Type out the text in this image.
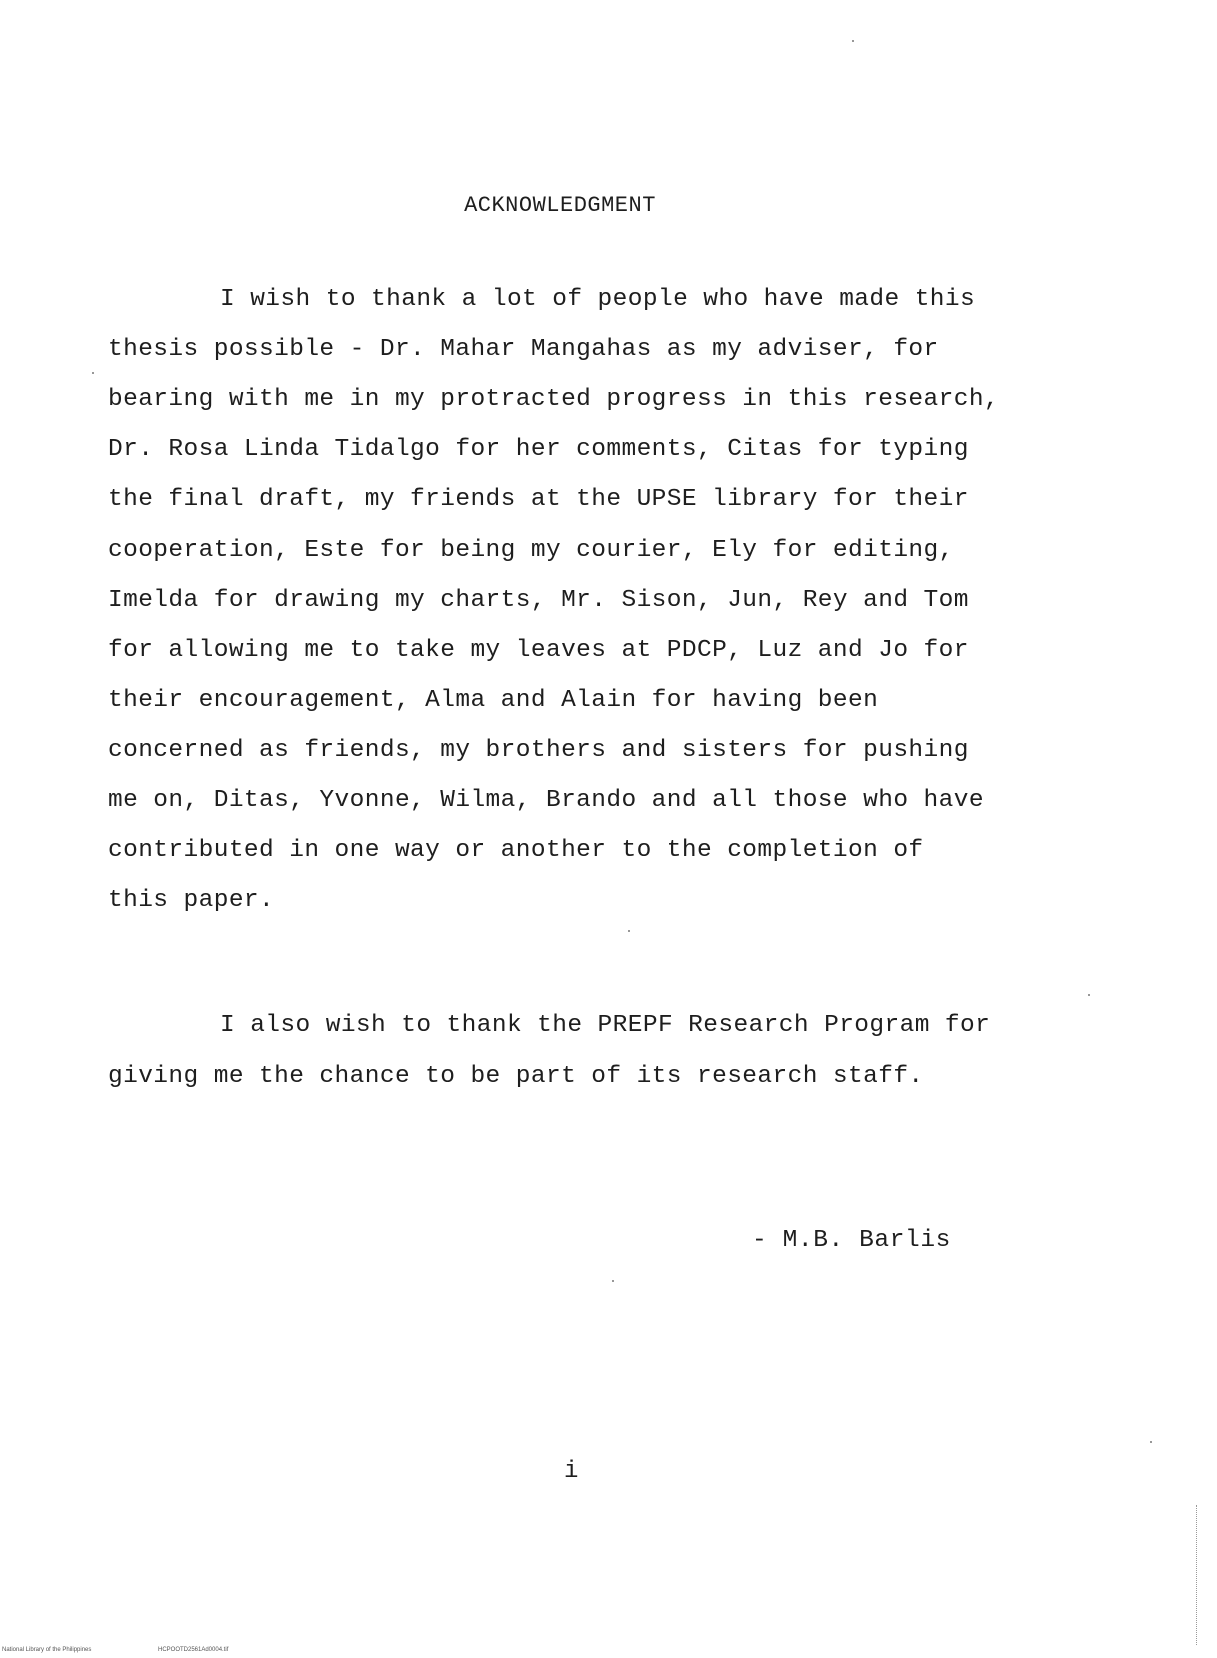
ACKNOWLEDGMENT
I wish to thank a lot of people who have made this
thesis possible - Dr. Mahar Mangahas as my adviser, for
bearing with me in my protracted progress in this research,
Dr. Rosa Linda Tidalgo for her comments, Citas for typing
the final draft, my friends at the UPSE library for their
cooperation, Este for being my courier, Ely for editing,
Imelda for drawing my charts, Mr. Sison, Jun, Rey and Tom
for allowing me to take my leaves at PDCP, Luz and Jo for
their encouragement, Alma and Alain for having been
concerned as friends, my brothers and sisters for pushing
me on, Ditas, Yvonne, Wilma, Brando and all those who have
contributed in one way or another to the completion of
this paper.
I also wish to thank the PREPF Research Program for
giving me the chance to be part of its research staff.
- M.B. Barlis
i
National Library of the Philippines	HCPOOTD2561Ad0004.tif
